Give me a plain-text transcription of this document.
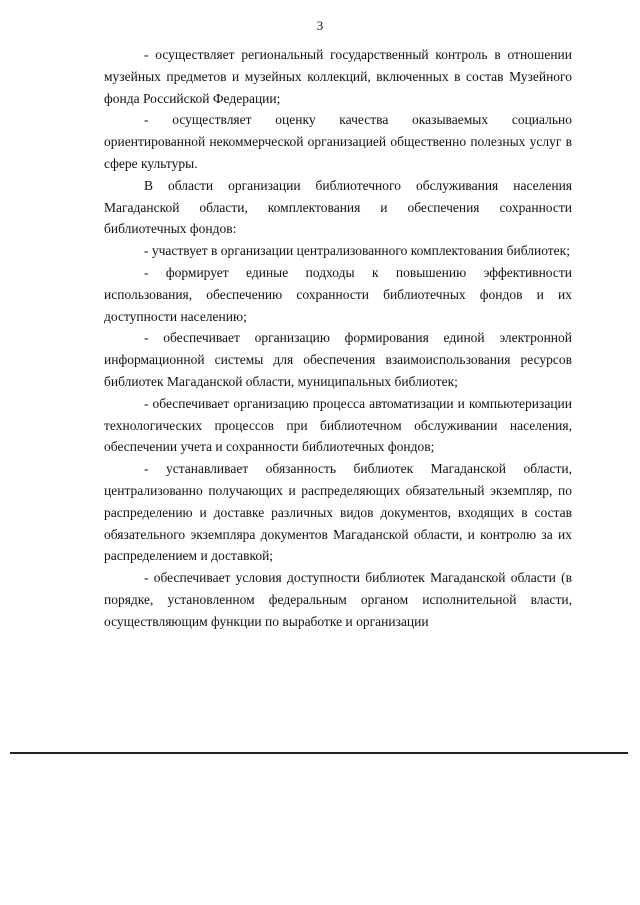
3

- осуществляет региональный государственный контроль в отношении музейных предметов и музейных коллекций, включенных в состав Музейного фонда Российской Федерации;

- осуществляет оценку качества оказываемых социально ориентированной некоммерческой организацией общественно полезных услуг в сфере культуры.

В области организации библиотечного обслуживания населения Магаданской области, комплектования и обеспечения сохранности библиотечных фондов:

- участвует в организации централизованного комплектования библиотек;

- формирует единые подходы к повышению эффективности использования, обеспечению сохранности библиотечных фондов и их доступности населению;

- обеспечивает организацию формирования единой электронной информационной системы для обеспечения взаимоиспользования ресурсов библиотек Магаданской области, муниципальных библиотек;

- обеспечивает организацию процесса автоматизации и компьютеризации технологических процессов при библиотечном обслуживании населения, обеспечении учета и сохранности библиотечных фондов;

- устанавливает обязанность библиотек Магаданской области, централизованно получающих и распределяющих обязательный экземпляр, по распределению и доставке различных видов документов, входящих в состав обязательного экземпляра документов Магаданской области, и контролю за их распределением и доставкой;

- обеспечивает условия доступности библиотек Магаданской области (в порядке, установленном федеральным органом исполнительной власти, осуществляющим функции по выработке и организации
